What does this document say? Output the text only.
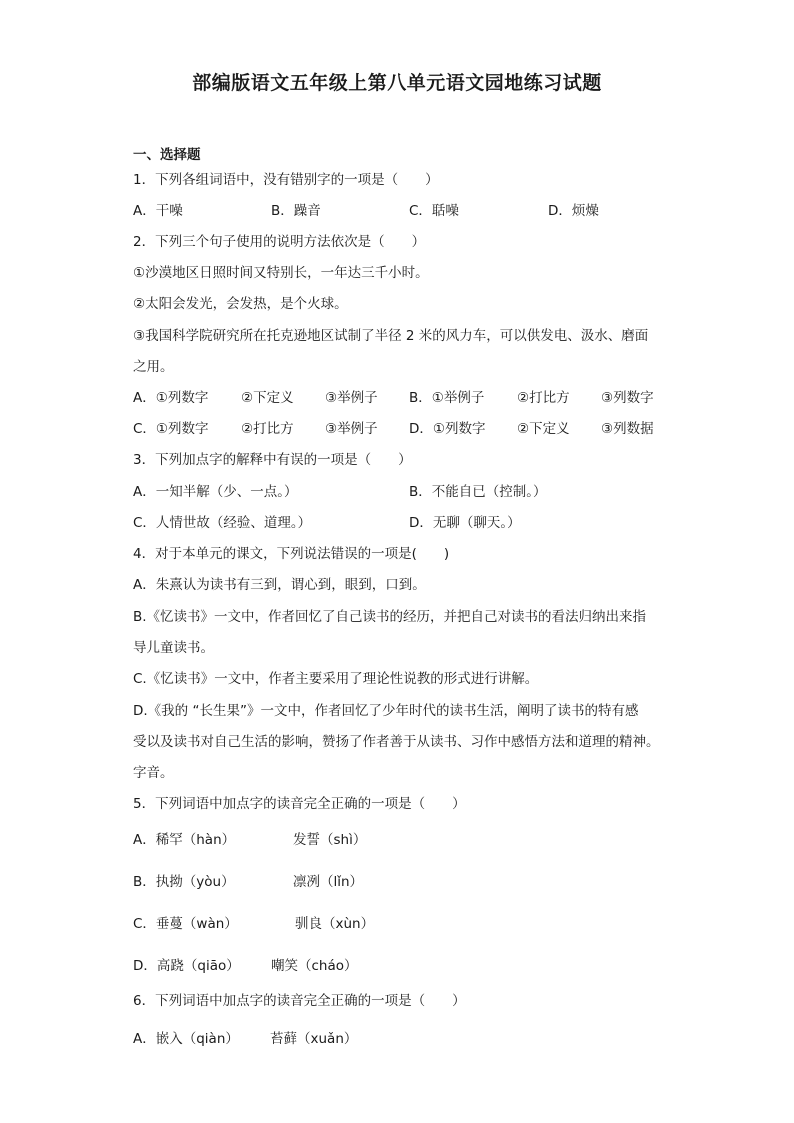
部编版语文五年级上第八单元语文园地练习试题
一、选择题
1．下列各组词语中，没有错别字的一项是（　　）
A．干噪	B．躁音	C．聒噪	D．烦燥
2．下列三个句子使用的说明方法依次是（　　）
①沙漠地区日照时间又特别长，一年达三千小时。
②太阳会发光，会发热，是个火球。
③我国科学院研究所在托克逊地区试制了半径 2 米的风力车，可以供发电、汲水、磨面
之用。
A．①列数字 ②下定义 ③举例子 B．①举例子 ②打比方 ③列数字
C．①列数字 ②打比方 ③举例子 D．①列数字 ②下定义 ③列数据
3．下列加点字的解释中有误的一项是（　　）
A．一知半解（少、一点。）	B．不能自已（控制。）
C．人情世故（经验、道理。）	D．无聊（聊天。）
4．对于本单元的课文，下列说法错误的一项是(　　)
A．朱熹认为读书有三到，谓心到，眼到，口到。
B.《忆读书》一文中，作者回忆了自己读书的经历，并把自己对读书的看法归纳出来指
导儿童读书。
C.《忆读书》一文中，作者主要采用了理论性说教的形式进行讲解。
D.《我的 “长生果”》一文中，作者回忆了少年时代的读书生活，阐明了读书的特有感
受以及读书对自己生活的影响，赞扬了作者善于从读书、习作中感悟方法和道理的精神。
字音。
5．下列词语中加点字的读音完全正确的一项是（　　）
A．稀罕（hàn）	发誓（shì）
B．执拗（yòu）	凛冽（lǐn）
C．垂蔓（wàn）	驯良（xùn）
D．高跷（qiāo） 嘲笑（cháo）
6．下列词语中加点字的读音完全正确的一项是（　　）
A．嵌入（qiàn） 苔藓（xuǎn）
